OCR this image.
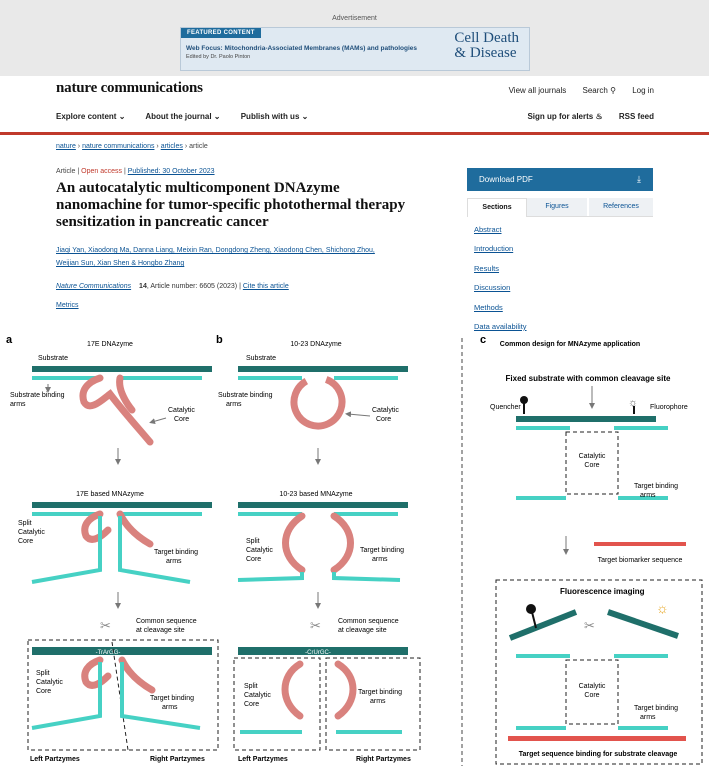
Advertisement
FEATURED CONTENT
Web Focus: Mitochondria-Associated Membranes (MAMs) and pathologies
Edited by Dr. Paolo Pinton
Cell Death
& Disease
nature communications	View all journals Search ⚲ Log in
Explore content ⌄ About the journal ⌄	Publish with us ⌄	Sign up for alerts ♨ RSS feed
nature › nature communications › articles › article
Article | Open access | Published: 30 October 2023
An autocatalytic multicomponent DNAzyme nanomachine for tumor-specific photothermal therapy sensitization in pancreatic cancer
Jiaqi Yan, Xiaodong Ma, Danna Liang, Meixin Ran, Dongdong Zheng, Xiaodong Chen, Shichong Zhou,
Weijian Sun, Xian Shen & Hongbo Zhang
Nature Communications 14, Article number: 6605 (2023) | Cite this article
Metrics
Download PDF	⤓
Sections	Figures	References
Abstract
Introduction
Results
Discussion
Methods
Data availability
a	b	c
17E DNAzyme
Substrate
Substrate binding
arms
Catalytic
Core
17E based MNAzyme
Split
Catalytic
Core
Target binding
arms
✂	Common sequence
at cleavage site
-TrArGG-
Split
Catalytic
Core
Target binding
arms
Left Partzymes	Right Partzymes
10-23 DNAzyme
Substrate
Substrate binding
arms
Catalytic
Core
10-23 based MNAzyme
Split
Catalytic
Core
Target binding
arms
✂ Common sequence
at cleavage site
-CrUrGC-
Split
Catalytic
Core
Target binding
arms
Left Partzymes	Right Partzymes
Common design for MNAzyme application
Fixed substrate with common cleavage site
Quencher	Fluorophore
☼
Catalytic
Core
Target binding
arms
Target biomarker sequence
Fluorescence imaging
☼
✂
Catalytic
Core
Target binding
arms
Target sequence binding for substrate cleavage
